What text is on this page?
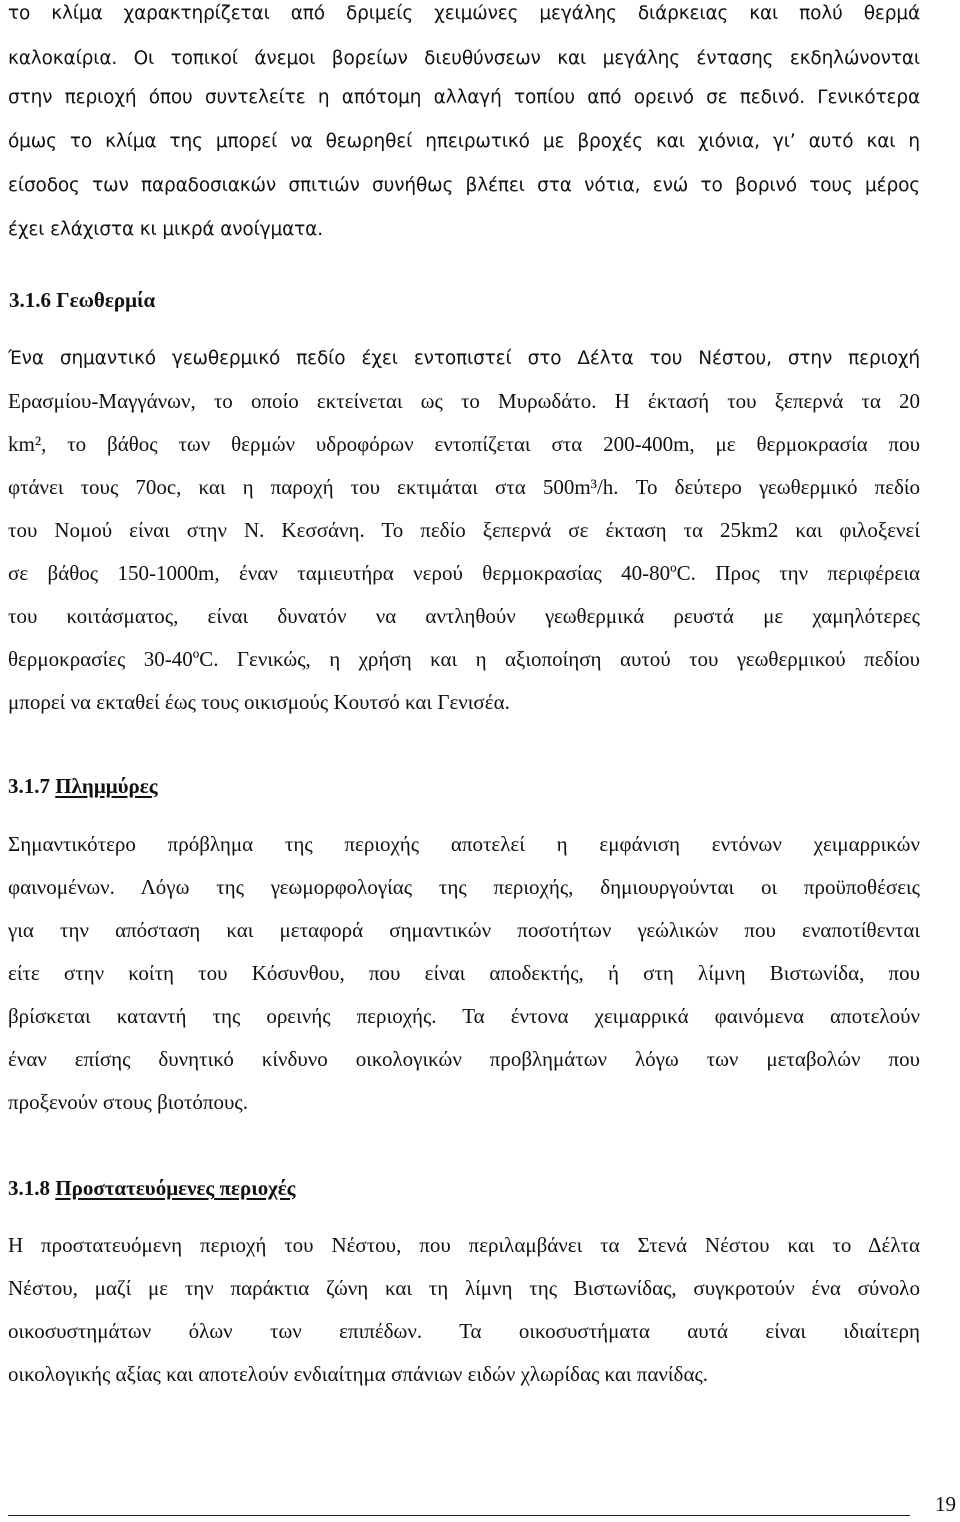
το κλίμα χαρακτηρίζεται από δριμείς χειμώνες μεγάλης διάρκειας και πολύ θερμά
καλοκαίρια. Οι τοπικοί άνεμοι βορείων διευθύνσεων και μεγάλης έντασης εκδηλώνονται
στην περιοχή όπου συντελείτε η απότομη αλλαγή τοπίου από ορεινό σε πεδινό. Γενικότερα
όμως το κλίμα της μπορεί να θεωρηθεί ηπειρωτικό με βροχές και χιόνια, γι’ αυτό και η
είσοδος των παραδοσιακών σπιτιών συνήθως βλέπει στα νότια, ενώ το βορινό τους μέρος
έχει ελάχιστα κι μικρά ανοίγματα.
3.1.6 Γεωθερμία
Ένα σημαντικό γεωθερμικό πεδίο έχει εντοπιστεί στο Δέλτα του Νέστου, στην περιοχή
Ερασμίου-Μαγγάνων, το οποίο εκτείνεται ως το Μυρωδάτο. Η έκτασή του ξεπερνά τα 20
km², το βάθος των θερμών υδροφόρων εντοπίζεται στα 200-400m, με θερμοκρασία που
φτάνει τους 70oc, και η παροχή του εκτιμάται στα 500m³/h. Το δεύτερο γεωθερμικό πεδίο
του Νομού είναι στην Ν. Κεσσάνη. Το πεδίο ξεπερνά σε έκταση τα 25km2 και φιλοξενεί
σε βάθος 150-1000m, έναν ταμιευτήρα νερού θερμοκρασίας 40-80ºC. Προς την περιφέρεια
του κοιτάσματος, είναι δυνατόν να αντληθούν γεωθερμικά ρευστά με χαμηλότερες
θερμοκρασίες 30-40ºC. Γενικώς, η χρήση και η αξιοποίηση αυτού του γεωθερμικού πεδίου
μπορεί να εκταθεί έως τους οικισμούς Κουτσό και Γενισέα.
3.1.7 Πλημμύρες
Σημαντικότερο πρόβλημα της περιοχής αποτελεί η εμφάνιση εντόνων χειμαρρικών
φαινομένων. Λόγω της γεωμορφολογίας της περιοχής, δημιουργούνται οι προϋποθέσεις
για την απόσταση και μεταφορά σημαντικών ποσοτήτων γεώλικών που εναποτίθενται
είτε στην κοίτη του Κόσυνθου, που είναι αποδεκτής, ή στη λίμνη Βιστωνίδα, που
βρίσκεται καταντή της ορεινής περιοχής. Τα έντονα χειμαρρικά φαινόμενα αποτελούν
έναν επίσης δυνητικό κίνδυνο οικολογικών προβλημάτων λόγω των μεταβολών που
προξενούν στους βιοτόπους.
3.1.8 Προστατευόμενες περιοχές
Η προστατευόμενη περιοχή του Νέστου, που περιλαμβάνει τα Στενά Νέστου και το Δέλτα
Νέστου, μαζί με την παράκτια ζώνη και τη λίμνη της Βιστωνίδας, συγκροτούν ένα σύνολο
οικοσυστημάτων όλων των επιπέδων. Τα οικοσυστήματα αυτά είναι ιδιαίτερη
οικολογικής αξίας και αποτελούν ενδιαίτημα σπάνιων ειδών χλωρίδας και πανίδας.
19
